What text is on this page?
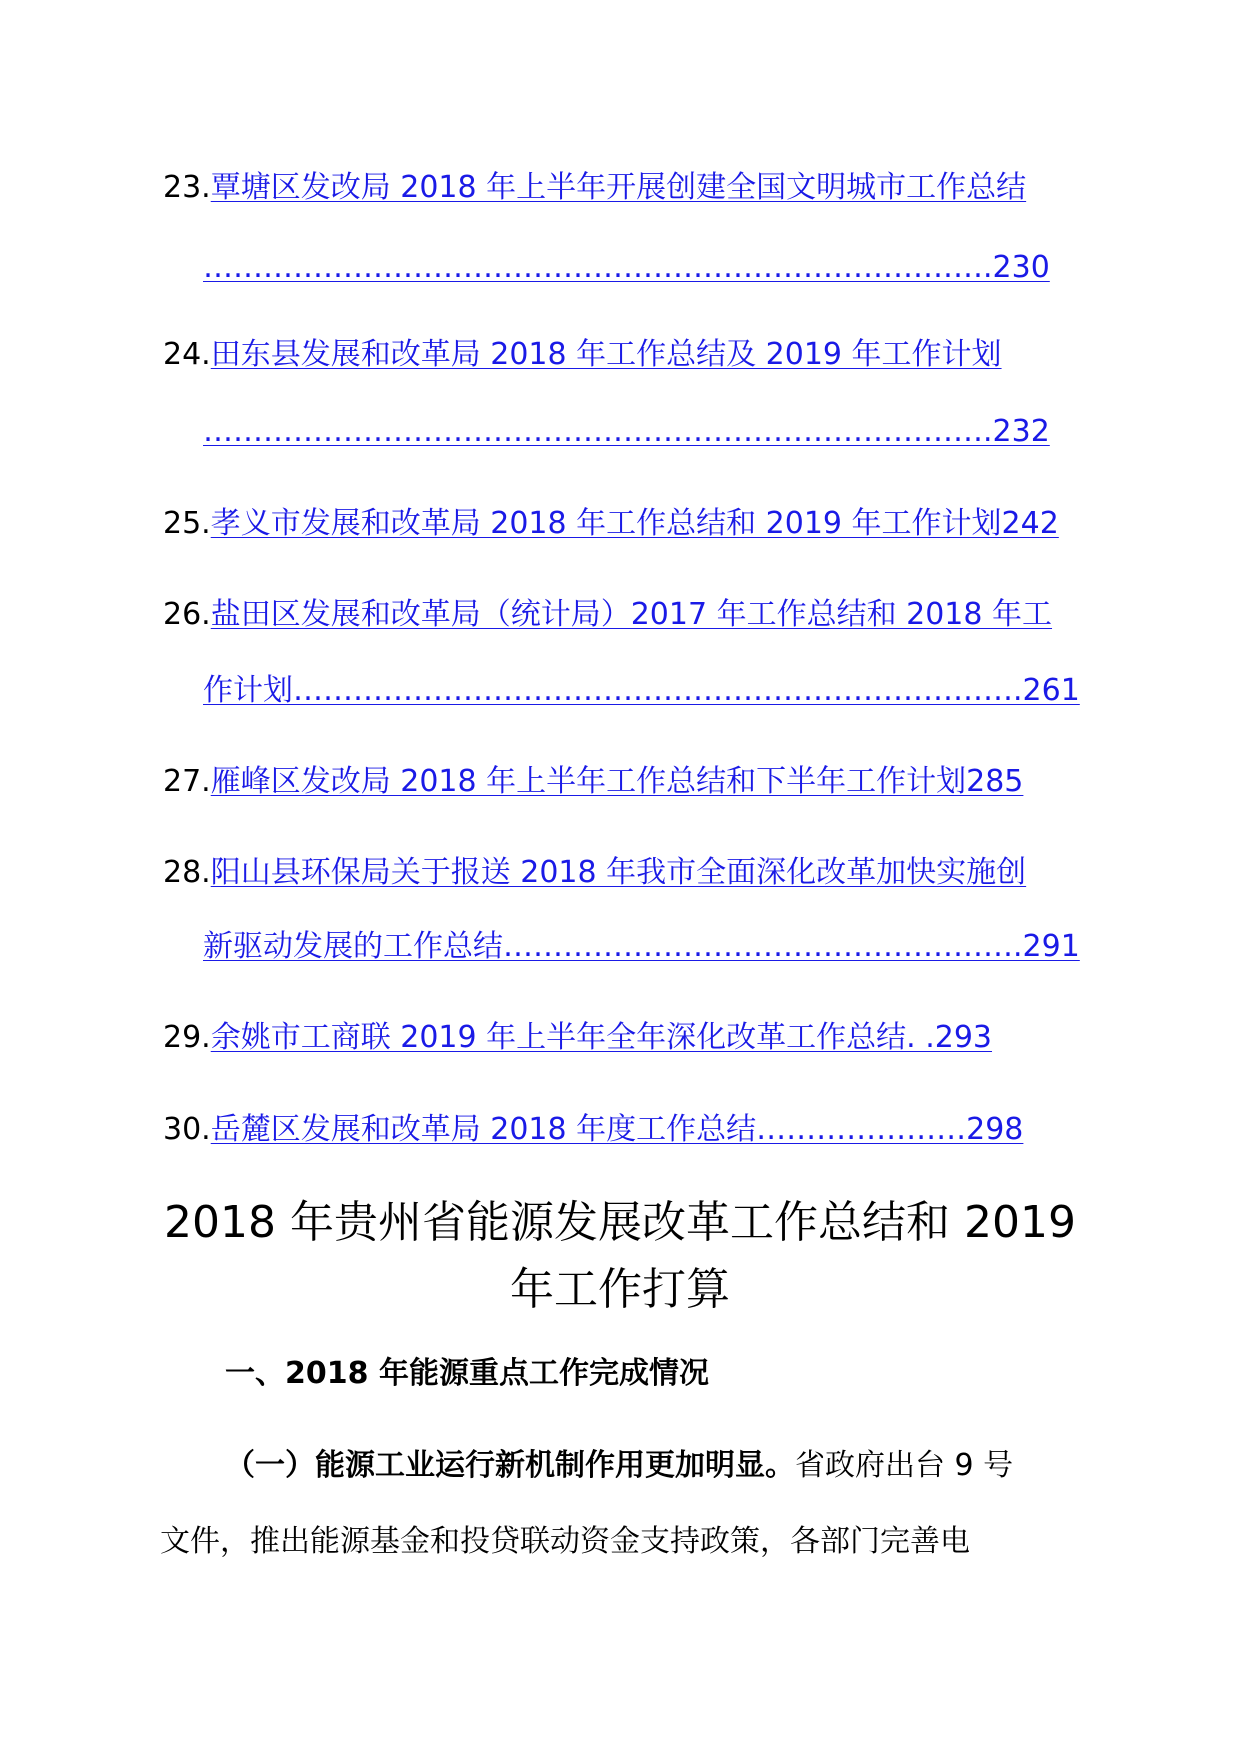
23.覃塘区发改局 2018 年上半年开展创建全国文明城市工作总结
…………………………………………………………………….230
24.田东县发展和改革局 2018 年工作总结及 2019 年工作计划
…………………………………………………………………….232
25.孝义市发展和改革局 2018 年工作总结和 2019 年工作计划242
26.盐田区发展和改革局（统计局）2017 年工作总结和 2018 年工
作计划……………………………………………………………….261
27.雁峰区发改局 2018 年上半年工作总结和下半年工作计划285
28.阳山县环保局关于报送 2018 年我市全面深化改革加快实施创
新驱动发展的工作总结…………………………………………….291
29.余姚市工商联 2019 年上半年全年深化改革工作总结. .293
30.岳麓区发展和改革局 2018 年度工作总结…………………298
2018 年贵州省能源发展改革工作总结和 2019
年工作打算
一、2018 年能源重点工作完成情况
（一）能源工业运行新机制作用更加明显。省政府出台 9 号
文件，推出能源基金和投贷联动资金支持政策，各部门完善电
